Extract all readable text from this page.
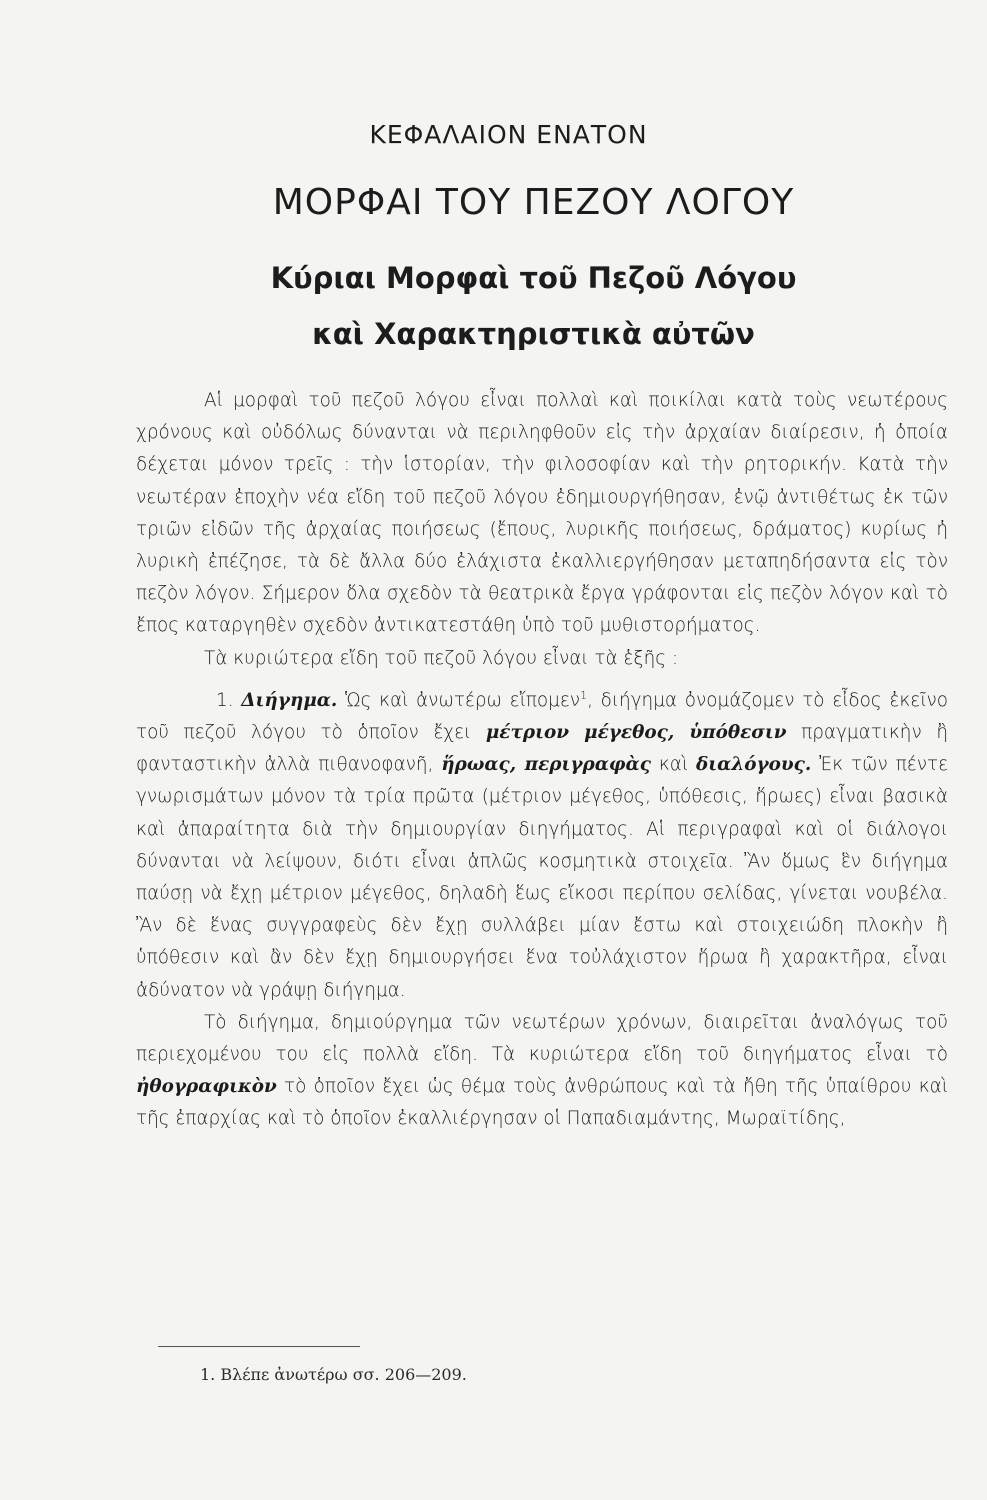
ΚΕΦΑΛΑΙΟΝ ΕΝΑΤΟΝ
ΜΟΡΦΑΙ ΤΟΥ ΠΕΖΟΥ ΛΟΓΟΥ
Κύριαι Μορφαὶ τοῦ Πεζοῦ Λόγου
καὶ Χαρακτηριστικὰ αὐτῶν

Αἱ μορφαὶ τοῦ πεζοῦ λόγου εἶναι πολλαὶ καὶ ποικίλαι κατὰ τοὺς νεωτέρους χρόνους καὶ οὐδόλως δύνανται νὰ περιληφθοῦν εἰς τὴν ἀρχαίαν διαίρεσιν, ἡ ὁποία δέχεται μόνον τρεῖς : τὴν ἱστορίαν, τὴν φιλοσοφίαν καὶ τὴν ρητορικήν. Κατὰ τὴν νεωτέραν ἐποχὴν νέα εἴδη τοῦ πεζοῦ λόγου ἐδημιουργήθησαν, ἐνῷ ἀντιθέτως ἐκ τῶν τριῶν εἰδῶν τῆς ἀρχαίας ποιήσεως (ἔπους, λυρικῆς ποιήσεως, δράματος) κυρίως ἡ λυρικὴ ἐπέζησε, τὰ δὲ ἄλλα δύο ἐλάχιστα ἐκαλλιεργήθησαν μεταπηδήσαντα εἰς τὸν πεζὸν λόγον. Σήμερον ὅλα σχεδὸν τὰ θεατρικὰ ἔργα γράφονται εἰς πεζὸν λόγον καὶ τὸ ἔπος καταργηθὲν σχεδὸν ἀντικατεστάθη ὑπὸ τοῦ μυθιστορήματος.

Τὰ κυριώτερα εἴδη τοῦ πεζοῦ λόγου εἶναι τὰ ἑξῆς :

1. Διήγημα. Ὡς καὶ ἀνωτέρω εἴπομεν$^1$, διήγημα ὀνομάζομεν τὸ εἶδος ἐκεῖνο τοῦ πεζοῦ λόγου τὸ ὁποῖον ἔχει μέτριον μέγεθος, ὑπόθεσιν πραγματικὴν ἢ φανταστικὴν ἀλλὰ πιθανοφανῆ, ἥρωας, περιγραφὰς καὶ διαλόγους. Ἐκ τῶν πέντε γνωρισμάτων μόνον τὰ τρία πρῶτα (μέτριον μέγεθος, ὑπόθεσις, ἥρωες) εἶναι βασικὰ καὶ ἀπαραίτητα διὰ τὴν δημιουργίαν διηγήματος. Αἱ περιγραφαὶ καὶ οἱ διάλογοι δύνανται νὰ λείψουν, διότι εἶναι ἁπλῶς κοσμητικὰ στοιχεῖα. Ἂν ὅμως ἓν διήγημα παύσῃ νὰ ἔχῃ μέτριον μέγεθος, δηλαδὴ ἕως εἴκοσι περίπου σελίδας, γίνεται νουβέλα. Ἂν δὲ ἕνας συγγραφεὺς δὲν ἔχῃ συλλάβει μίαν ἔστω καὶ στοιχειώδη πλοκὴν ἢ ὑπόθεσιν καὶ ἂν δὲν ἔχῃ δημιουργήσει ἕνα τοὐλάχιστον ἥρωα ἢ χαρακτῆρα, εἶναι ἀδύνατον νὰ γράψῃ διήγημα.

Τὸ διήγημα, δημιούργημα τῶν νεωτέρων χρόνων, διαιρεῖται ἀναλόγως τοῦ περιεχομένου του εἰς πολλὰ εἴδη. Τὰ κυριώτερα εἴδη τοῦ διηγήματος εἶναι τὸ ἠθογραφικὸν τὸ ὁποῖον ἔχει ὡς θέμα τοὺς ἀνθρώπους καὶ τὰ ἤθη τῆς ὑπαίθρου καὶ τῆς ἐπαρχίας καὶ τὸ ὁποῖον ἐκαλλιέργησαν οἱ Παπαδιαμάντης, Μωραϊτίδης,

1. Βλέπε ἀνωτέρω σσ. 206—209.
